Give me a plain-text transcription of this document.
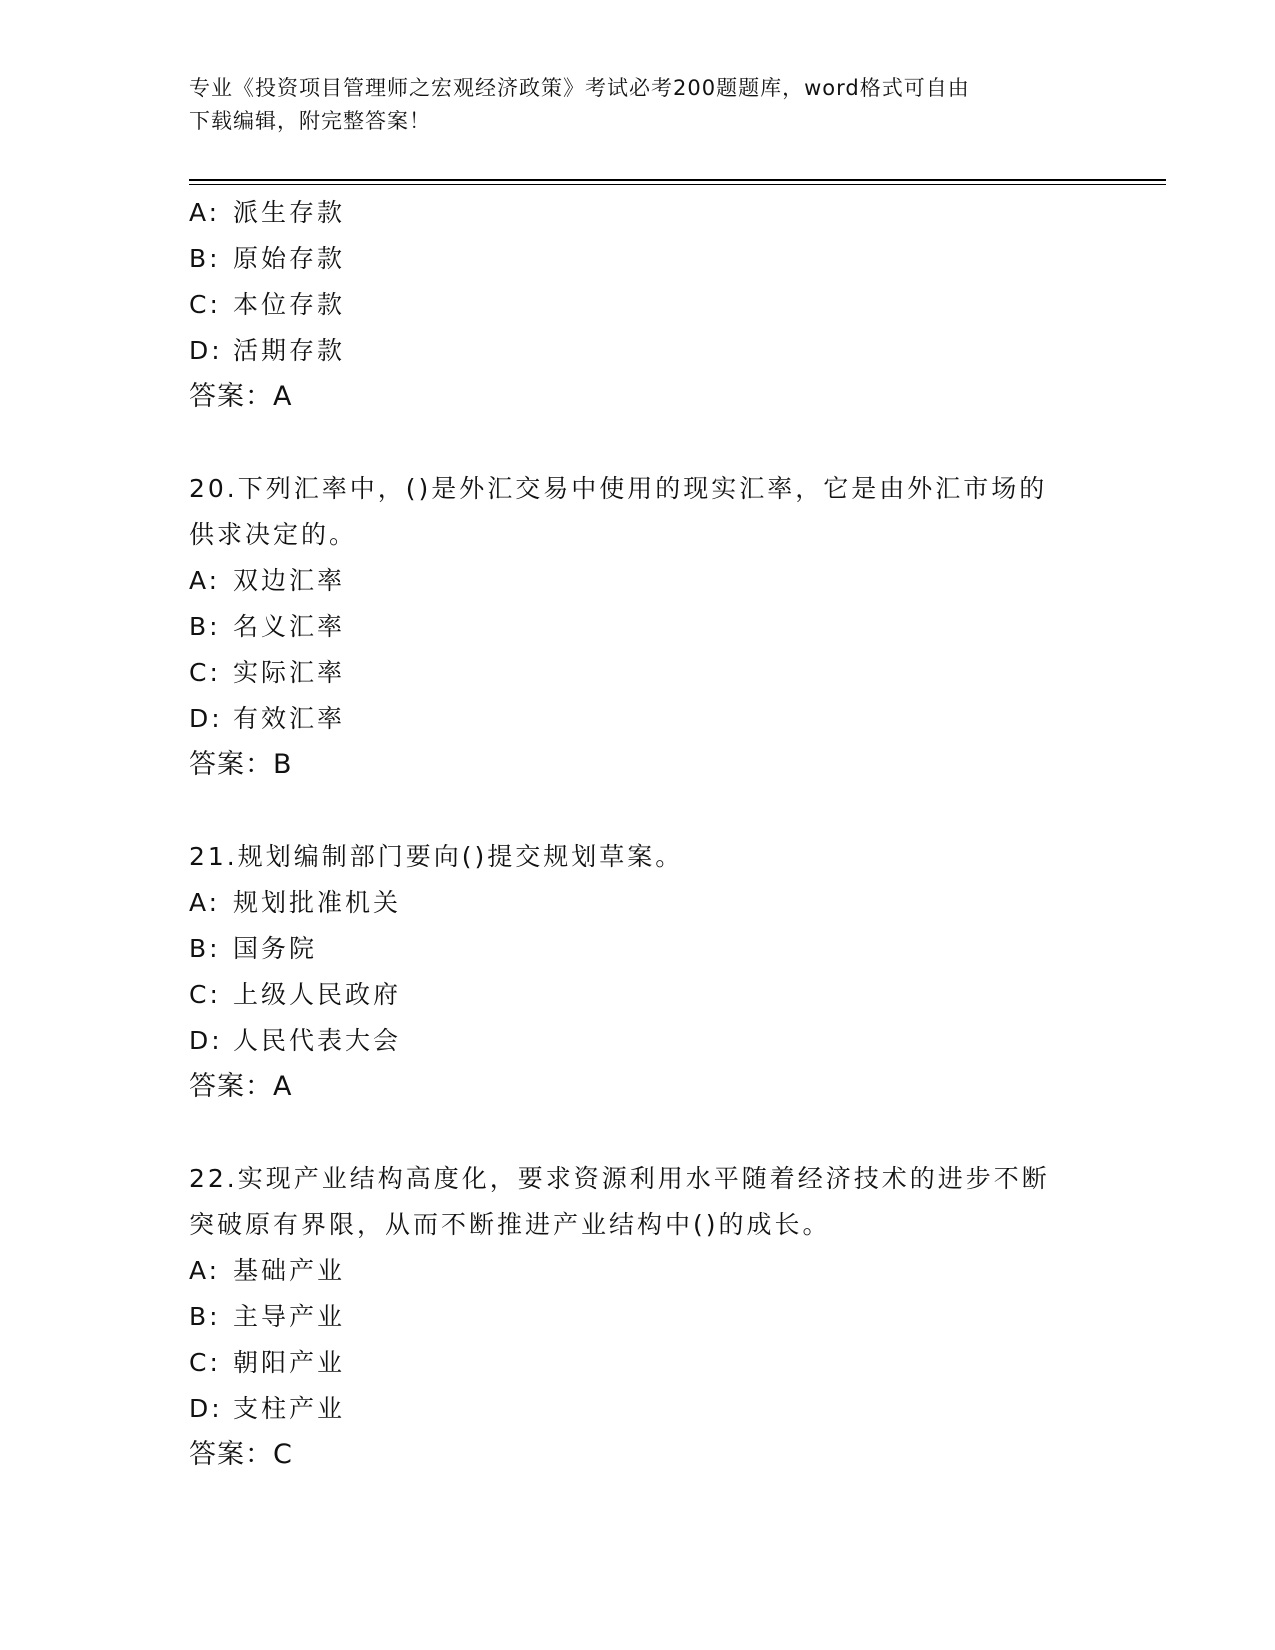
专业《投资项目管理师之宏观经济政策》考试必考200题题库，word格式可自由
下载编辑，附完整答案！
A: 派生存款
B: 原始存款
C: 本位存款
D: 活期存款
答案：A
20.下列汇率中，()是外汇交易中使用的现实汇率，它是由外汇市场的
供求决定的。
A: 双边汇率
B: 名义汇率
C: 实际汇率
D: 有效汇率
答案：B
21.规划编制部门要向()提交规划草案。
A: 规划批准机关
B: 国务院
C: 上级人民政府
D: 人民代表大会
答案：A
22.实现产业结构高度化，要求资源利用水平随着经济技术的进步不断
突破原有界限，从而不断推进产业结构中()的成长。
A: 基础产业
B: 主导产业
C: 朝阳产业
D: 支柱产业
答案：C
